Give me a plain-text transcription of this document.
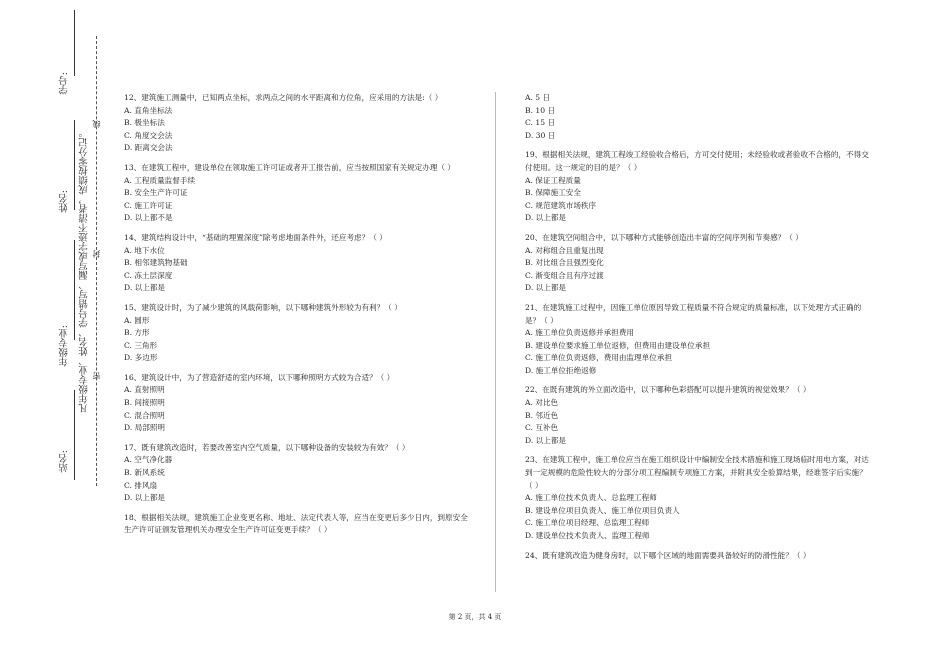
学号:
姓名:
年级专业:
站名:
凡年级专业、姓名、学号错写、漏写或字迹不清者，成绩按零分记。
线
封
密
12、建筑施工测量中，已知两点坐标，求两点之间的水平距离和方位角，应采用的方法是:（ ）
A. 直角坐标法
B. 极坐标法
C. 角度交会法
D. 距离交会法
13、在建筑工程中，建设单位在领取施工许可证或者开工报告前，应当按照国家有关规定办理（ ）
A. 工程质量监督手续
B. 安全生产许可证
C. 施工许可证
D. 以上都不是
14、建筑结构设计中，“基础的埋置深度”除考虑地面条件外，还应考虑？（ ）
A. 地下水位
B. 相邻建筑物基础
C. 冻土层深度
D. 以上都是
15、建筑设计时，为了减少建筑的风载荷影响，以下哪种建筑外形较为有利？（ ）
A. 圆形
B. 方形
C. 三角形
D. 多边形
16、建筑设计中，为了营造舒适的室内环境，以下哪种照明方式较为合适？（ ）
A. 直射照明
B. 间接照明
C. 混合照明
D. 局部照明
17、既有建筑改造时，若要改善室内空气质量，以下哪种设备的安装较为有效？（ ）
A. 空气净化器
B. 新风系统
C. 排风扇
D. 以上都是
18、根据相关法规，建筑施工企业变更名称、地址、法定代表人等，应当在变更后多少日内，到原安全生产许可证颁发管理机关办理安全生产许可证变更手续？（ ）
A. 5 日
B. 10 日
C. 15 日
D. 30 日
19、根据相关法规，建筑工程竣工经验收合格后，方可交付使用；未经验收或者验收不合格的，不得交付使用。这一规定的目的是？（ ）
A. 保证工程质量
B. 保障施工安全
C. 规范建筑市场秩序
D. 以上都是
20、在建筑空间组合中，以下哪种方式能够创造出丰富的空间序列和节奏感？（ ）
A. 对称组合且重复出现
B. 对比组合且强烈变化
C. 渐变组合且有序过渡
D. 以上都是
21、在建筑施工过程中，因施工单位原因导致工程质量不符合规定的质量标准，以下处理方式正确的是？（ ）
A. 施工单位负责返修并承担费用
B. 建设单位要求施工单位返修，但费用由建设单位承担
C. 施工单位负责返修，费用由监理单位承担
D. 施工单位拒绝返修
22、在既有建筑的外立面改造中，以下哪种色彩搭配可以提升建筑的视觉效果？（ ）
A. 对比色
B. 邻近色
C. 互补色
D. 以上都是
23、在建筑工程中，施工单位应当在施工组织设计中编制安全技术措施和施工现场临时用电方案，对达到一定规模的危险性较大的分部分项工程编制专项施工方案，并附具安全验算结果，经谁签字后实施？（ ）
A. 施工单位技术负责人、总监理工程师
B. 建设单位项目负责人、施工单位项目负责人
C. 施工单位项目经理、总监理工程师
D. 建设单位技术负责人、监理工程师
24、既有建筑改造为健身房时，以下哪个区域的地面需要具备较好的防滑性能？（ ）
第 2 页，共 4 页
